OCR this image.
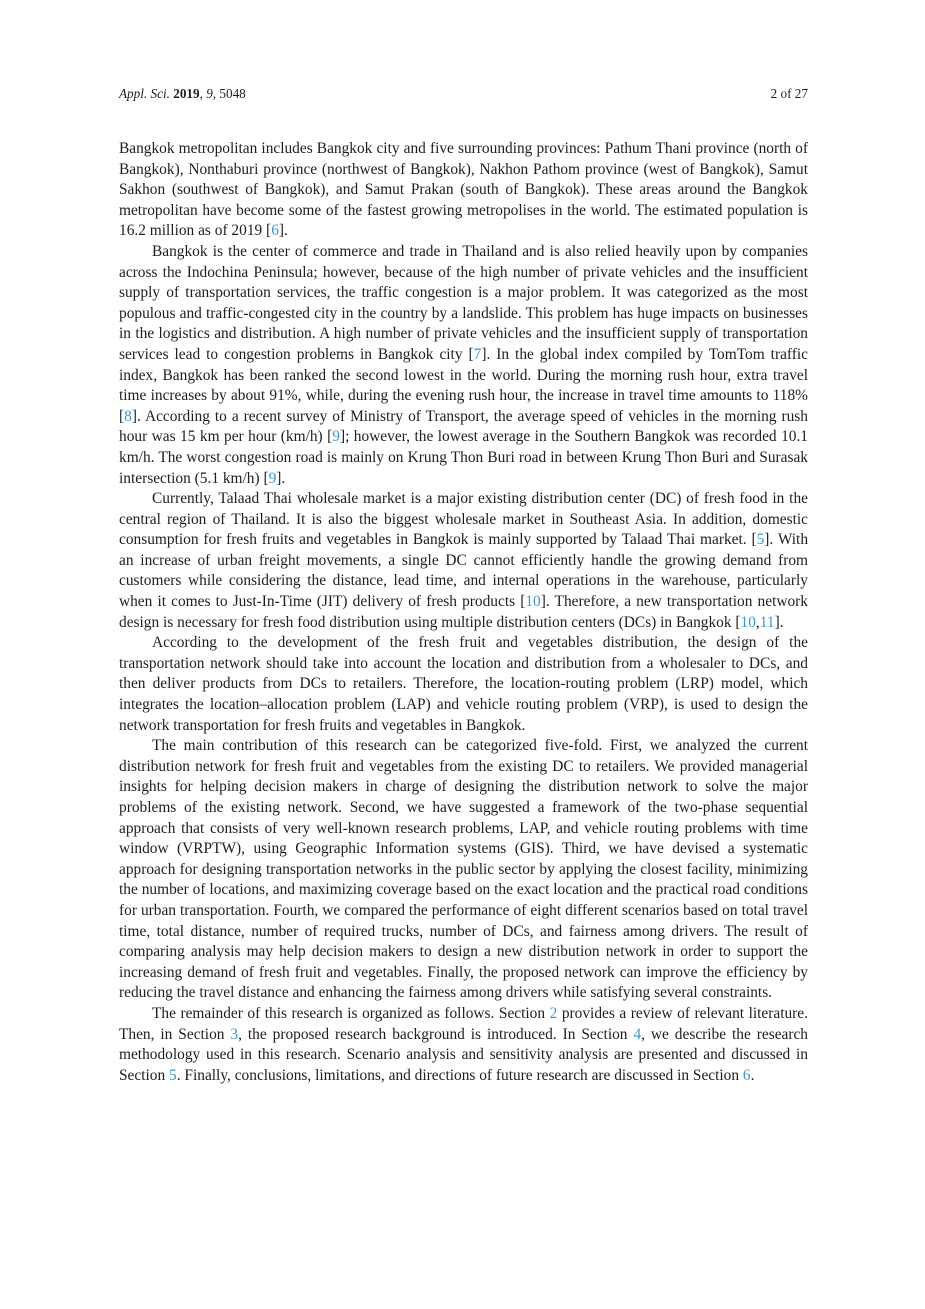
Appl. Sci. 2019, 9, 5048	2 of 27

Bangkok metropolitan includes Bangkok city and five surrounding provinces: Pathum Thani province (north of Bangkok), Nonthaburi province (northwest of Bangkok), Nakhon Pathom province (west of Bangkok), Samut Sakhon (southwest of Bangkok), and Samut Prakan (south of Bangkok). These areas around the Bangkok metropolitan have become some of the fastest growing metropolises in the world. The estimated population is 16.2 million as of 2019 [6].

Bangkok is the center of commerce and trade in Thailand and is also relied heavily upon by companies across the Indochina Peninsula; however, because of the high number of private vehicles and the insufficient supply of transportation services, the traffic congestion is a major problem. It was categorized as the most populous and traffic-congested city in the country by a landslide. This problem has huge impacts on businesses in the logistics and distribution. A high number of private vehicles and the insufficient supply of transportation services lead to congestion problems in Bangkok city [7]. In the global index compiled by TomTom traffic index, Bangkok has been ranked the second lowest in the world. During the morning rush hour, extra travel time increases by about 91%, while, during the evening rush hour, the increase in travel time amounts to 118% [8]. According to a recent survey of Ministry of Transport, the average speed of vehicles in the morning rush hour was 15 km per hour (km/h) [9]; however, the lowest average in the Southern Bangkok was recorded 10.1 km/h. The worst congestion road is mainly on Krung Thon Buri road in between Krung Thon Buri and Surasak intersection (5.1 km/h) [9].

Currently, Talaad Thai wholesale market is a major existing distribution center (DC) of fresh food in the central region of Thailand. It is also the biggest wholesale market in Southeast Asia. In addition, domestic consumption for fresh fruits and vegetables in Bangkok is mainly supported by Talaad Thai market. [5]. With an increase of urban freight movements, a single DC cannot efficiently handle the growing demand from customers while considering the distance, lead time, and internal operations in the warehouse, particularly when it comes to Just-In-Time (JIT) delivery of fresh products [10]. Therefore, a new transportation network design is necessary for fresh food distribution using multiple distribution centers (DCs) in Bangkok [10,11].

According to the development of the fresh fruit and vegetables distribution, the design of the transportation network should take into account the location and distribution from a wholesaler to DCs, and then deliver products from DCs to retailers. Therefore, the location-routing problem (LRP) model, which integrates the location–allocation problem (LAP) and vehicle routing problem (VRP), is used to design the network transportation for fresh fruits and vegetables in Bangkok.

The main contribution of this research can be categorized five-fold. First, we analyzed the current distribution network for fresh fruit and vegetables from the existing DC to retailers. We provided managerial insights for helping decision makers in charge of designing the distribution network to solve the major problems of the existing network. Second, we have suggested a framework of the two-phase sequential approach that consists of very well-known research problems, LAP, and vehicle routing problems with time window (VRPTW), using Geographic Information systems (GIS). Third, we have devised a systematic approach for designing transportation networks in the public sector by applying the closest facility, minimizing the number of locations, and maximizing coverage based on the exact location and the practical road conditions for urban transportation. Fourth, we compared the performance of eight different scenarios based on total travel time, total distance, number of required trucks, number of DCs, and fairness among drivers. The result of comparing analysis may help decision makers to design a new distribution network in order to support the increasing demand of fresh fruit and vegetables. Finally, the proposed network can improve the efficiency by reducing the travel distance and enhancing the fairness among drivers while satisfying several constraints.

The remainder of this research is organized as follows. Section 2 provides a review of relevant literature. Then, in Section 3, the proposed research background is introduced. In Section 4, we describe the research methodology used in this research. Scenario analysis and sensitivity analysis are presented and discussed in Section 5. Finally, conclusions, limitations, and directions of future research are discussed in Section 6.
